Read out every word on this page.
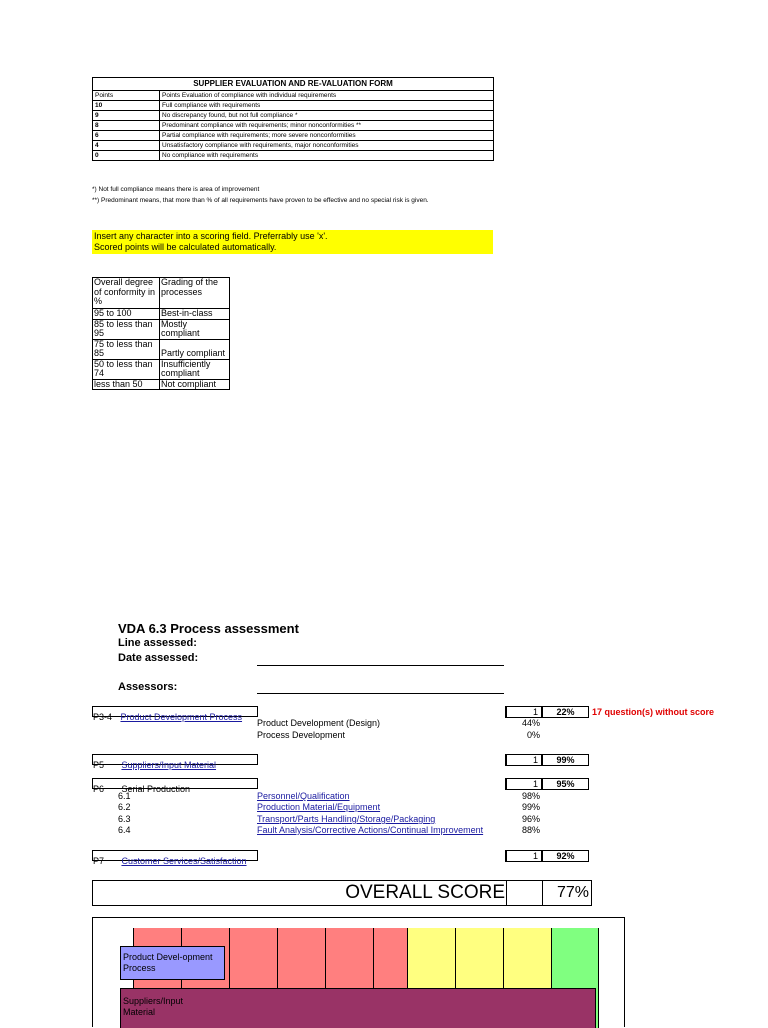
SUPPLIER EVALUATION AND RE-VALUATION FORM	
Points	Points Evaluation of compliance with individual requirements
10	Full compliance with requirements
9	No discrepancy found, but not full compliance *
8	Predominant compliance with requirements; minor nonconformities **
6	Partial compliance with requirements; more severe nonconformities
4	Unsatisfactory compliance with requirements, major nonconformities
0	No compliance with requirements
*) Not full compliance means there is area of improvement
**) Predominant means, that more than % of all requirements have proven to be effective and no special risk is given.
Insert any character into a scoring field. Preferrably use 'x'.
Scored points will be calculated automatically.
Overall degree of conformity in %	Grading of the processes
95 to 100	Best-in-class
85 to less than 95	Mostly compliant
75 to less than 85	Partly compliant
50 to less than 74	Insufficiently compliant
less than 50	Not compliant
VDA 6.3 Process assessment
Line assessed:
Date assessed:
Assessors:
P3-4 Product Development Process	1	22%	17 question(s) without score
Product Development (Design)	44%
Process Development	0%
P5 Suppliers/Input Material	1	99%
P6 Serial Production	1	95%
6.1	Personnel/Qualification	98%
6.2	Production Material/Equipment	99%
6.3	Transport/Parts Handling/Storage/Packaging	96%
6.4	Fault Analysis/Corrective Actions/Continual Improvement	88%
P7 Customer Services/Satisfaction	1	92%
OVERALL SCORE	77%
Product Devel-opment Process
Suppliers/Input Material
